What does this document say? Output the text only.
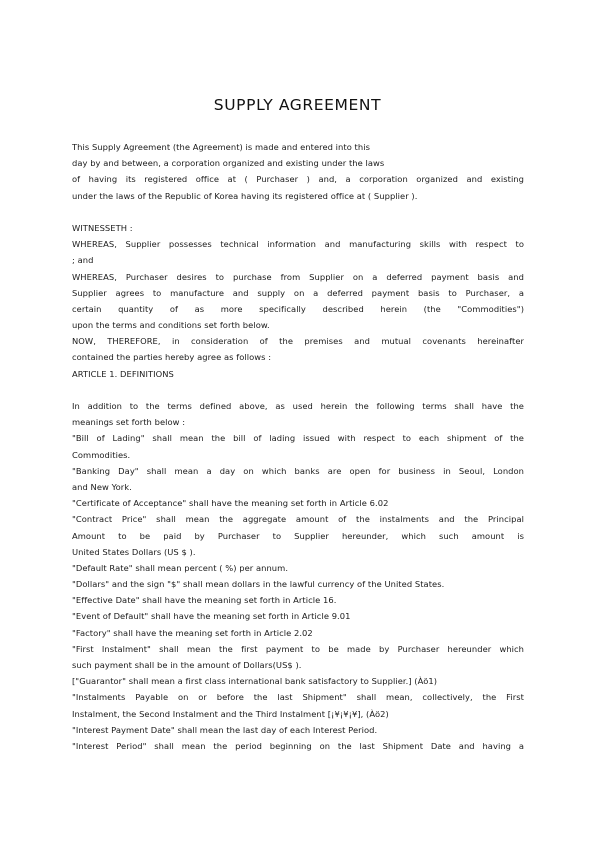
SUPPLY AGREEMENT
This Supply Agreement (the Agreement) is made and entered into this
day by and between, a corporation organized and existing under the laws
of having its registered office at ( Purchaser ) and, a corporation organized and existing
under the laws of the Republic of Korea having its registered office at ( Supplier ).
WITNESSETH :
WHEREAS, Supplier possesses technical information and manufacturing skills with respect to
; and
WHEREAS, Purchaser desires to purchase from Supplier on a deferred payment basis and
Supplier agrees to manufacture and supply on a deferred payment basis to Purchaser, a
certain quantity of as more specifically described herein (the "Commodities")
upon the terms and conditions set forth below.
NOW, THEREFORE, in consideration of the premises and mutual covenants hereinafter
contained the parties hereby agree as follows :
ARTICLE 1. DEFINITIONS
In addition to the terms defined above, as used herein the following terms shall have the
meanings set forth below :
"Bill of Lading" shall mean the bill of lading issued with respect to each shipment of the
Commodities.
"Banking Day" shall mean a day on which banks are open for business in Seoul, London
and New York.
"Certificate of Acceptance" shall have the meaning set forth in Article 6.02
"Contract Price" shall mean the aggregate amount of the instalments and the Principal
Amount to be paid by Purchaser to Supplier hereunder, which such amount is
United States Dollars (US $ ).
"Default Rate" shall mean percent ( %) per annum.
"Dollars" and the sign "$" shall mean dollars in the lawful currency of the United States.
"Effective Date" shall have the meaning set forth in Article 16.
"Event of Default" shall have the meaning set forth in Article 9.01
"Factory" shall have the meaning set forth in Article 2.02
"First Instalment" shall mean the first payment to be made by Purchaser hereunder which
such payment shall be in the amount of Dollars(US$ ).
["Guarantor" shall mean a first class international bank satisfactory to Supplier.] (Àö1)
"Instalments Payable on or before the last Shipment" shall mean, collectively, the First
Instalment, the Second Instalment and the Third Instalment [¡¥¡¥¡¥], (Àö2)
"Interest Payment Date" shall mean the last day of each Interest Period.
"Interest Period" shall mean the period beginning on the last Shipment Date and having a
